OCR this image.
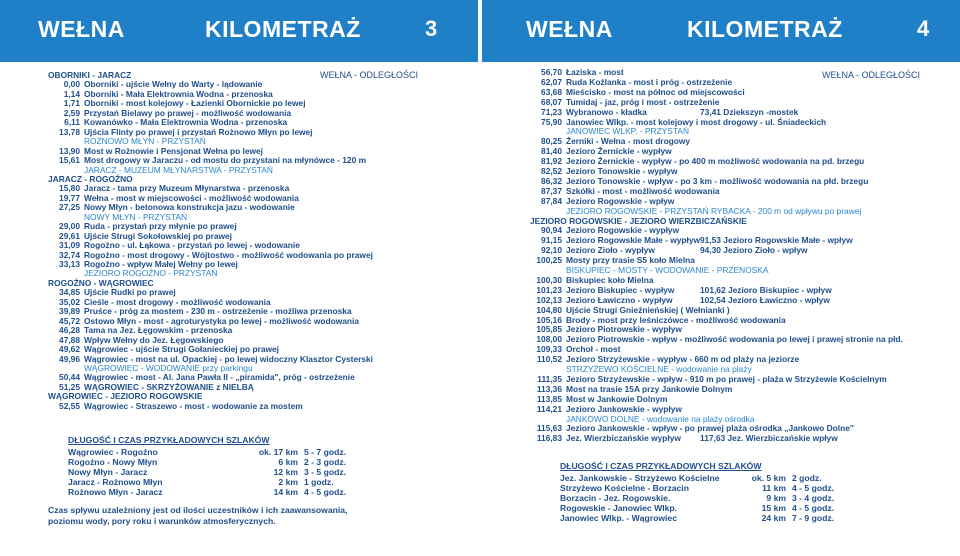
WEŁNA	KILOMETRAŻ	3
WEŁNA - ODLEGŁOŚCI
OBORNIKI - JARACZ
0,00 Oborniki - ujście Wełny do Warty - lądowanie
1,14 Oborniki - Mała Elektrownia Wodna - przenoska
1,71 Oborniki - most kolejowy - Łazienki Obornickie po lewej
2,59 Przystań Bielawy po prawej - możliwość wodowania
6,11 Kowanówko - Mała Elektrownia Wodna - przenoska
13,78 Ujścia Flinty po prawej i przystań Rożnowo Młyn po lewej
ROŻNOWO MŁYN - PRZYSTAŃ
13,90 Most w Rożnowie i Pensjonat Wełna po lewej
15,61 Most drogowy w Jaraczu - od mostu do przystani na młynówce - 120 m
JARACZ - MUZEUM MŁYNARSTWA - PRZYSTAŃ
JARACZ - ROGOŹNO
15,80 Jaracz - tama przy Muzeum Młynarstwa - przenoska
19,77 Wełna - most w miejscowości - możliwość wodowania
27,25 Nowy Młyn - betonowa konstrukcja jazu - wodowanie
NOWY MŁYN - PRZYSTAŃ
29,00 Ruda - przystań przy młynie po prawej
29,61 Ujście Strugi Sokołowskiej po prawej
31,09 Rogoźno - ul. Łąkowa - przystań po lewej - wodowanie
32,74 Rogoźno - most drogowy - Wójtostwo - możliwość wodowania po prawej
33,13 Rogoźno - wpływ Małej Wełny po lewej
JEZIORO ROGOŹNO - PRZYSTAŃ
ROGOŹNO - WĄGROWIEC
34,85 Ujście Rudki po prawej
35,02 Cieśle - most drogowy - możliwość wodowania
39,89 Pruśce - próg za mostem - 230 m - ostrzeżenie - możliwa przenoska
45,72 Ostowo Młyn - most - agroturystyka po lewej - możliwość wodowania
46,28 Tama na Jez. Łęgowskim - przenoska
47,88 Wpływ Wełny do Jez. Łęgowskiego
49,62 Wągrowiec - ujście Strugi Gołanieckiej po prawej
49,96 Wągrowiec - most na ul. Opackiej - po lewej widoczny Klasztor Cysterski
WĄGROWIEC - WODOWANIE przy parkingu
50,44 Wągrowiec - most - Al. Jana Pawła II - „piramida", próg - ostrzeżenie
51,25 WĄGROWIEC - SKRZYŻOWANIE z NIELBĄ
WĄGROWIEC - JEZIORO ROGOWSKIE
52,55 Wągrowiec - Straszewo - most - wodowanie za mostem
DŁUGOŚĆ I CZAS PRZYKŁADOWYCH SZLAKÓW
Wągrowiec - Rogoźno	ok. 17 km 5 - 7 godz.
Rogoźno - Nowy Młyn	6 km 2 - 3 godz.
Nowy Młyn - Jaracz	12 km 3 - 5 godz.
Jaracz - Rożnowo Młyn	2 km 1 godz.
Rożnowo Młyn - Jaracz	14 km 4 - 5 godz.
Czas spływu uzależniony jest od ilości uczestników i ich zaawansowania, poziomu wody, pory roku i warunków atmosferycznych.
WEŁNA	KILOMETRAŻ	4
WEŁNA - ODLEGŁOŚCI
56,70 Łaziska - most
62,07 Ruda Koźlanka - most i próg - ostrzeżenie
63,68 Mieścisko - most na północ od miejscowości
68,07 Tumidaj - jaz, próg i most - ostrzeżenie
71,23 Wybranowo - kładka	73,41 Dziekszyn -mostek
75,90 Janowiec Wlkp. - most kolejowy i most drogowy - ul. Śniadeckich
JANOWIEC WLKP. - PRZYSTAŃ
80,25 Żerniki - Wełna - most drogowy
81,40 Jezioro Żernickie - wypływ
81,92 Jezioro Żernickie - wypływ - po 400 m możliwość wodowania na pd. brzegu
82,52 Jezioro Tonowskie - wypływ
86,32 Jezioro Tonowskie - wpływ - po 3 km - możliwość wodowania na płd. brzegu
87,37 Szkółki - most - możliwość wodowania
87,84 Jezioro Rogowskie - wpływ
JEZIORO ROGOWSKIE - PRZYSTAŃ RYBACKA - 200 m od wpływu po prawej
JEZIORO ROGOWSKIE - JEZIORO WIERZBICZAŃSKIE
90,94 Jezioro Rogowskie - wypływ
91,15 Jezioro Rogowskie Małe - wypływ 91,53 Jezioro Rogowskie Małe - wpływ
92,10 Jezioro Zioło - wypływ	94,30 Jezioro Zioło - wpływ
100,25 Mosty przy trasie S5 koło Mielna
BISKUPIEC - MOSTY - WODOWANIE - PRZENOSKA
100,30 Biskupiec koło Mielna
101,23 Jezioro Biskupiec - wypływ	101,62 Jezioro Biskupiec - wpływ
102,13 Jezioro Ławiczno - wypływ	102,54 Jezioro Ławiczno - wpływ
104,80 Ujście Strugi Gnieźnieńskiej ( Wełnianki )
105,16 Brody - most przy leśniczówce - możliwość wodowania
105,85 Jezioro Piotrowskie - wypływ
108,00 Jezioro Piotrowskie - wpływ - możliwość wodowania po lewej i prawej stronie na płd.
109,33 Orchoł - most
110,52 Jezioro Strzyżewskie - wypływ - 660 m od plaży na jeziorze
STRZYŻEWO KOŚCIELNE - wodowanie na plaży
111,35 Jezioro Strzyżewskie - wpływ - 910 m po prawej - plaża w Strzyżewie Kościelnym
113,36 Most na trasie 15A przy Jankowie Dolnym
113,85 Most w Jankowie Dolnym
114,21 Jezioro Jankowskie - wypływ
JANKOWO DOLNE - wodowanie na plaży ośrodka
115,63 Jezioro Jankowskie - wpływ - po prawej plaża ośrodka „Jankowo Dolne"
116,83 Jez. Wierzbiczańskie wypływ 117,63 Jez. Wierzbiczańskie wpływ
DŁUGOŚĆ I CZAS PRZYKŁADOWYCH SZLAKÓW
Jez. Jankowskie - Strzyżewo Kościelne	ok. 5 km 2 godz.
Strzyżewo Kościelne - Borzacin	11 km 4 - 5 godz.
Borzacin - Jez. Rogowskie.	9 km 3 - 4 godz.
Rogowskie - Janowiec Wlkp.	15 km 4 - 5 godz.
Janowiec Wlkp. - Wągrowiec	24 km 7 - 9 godz.
